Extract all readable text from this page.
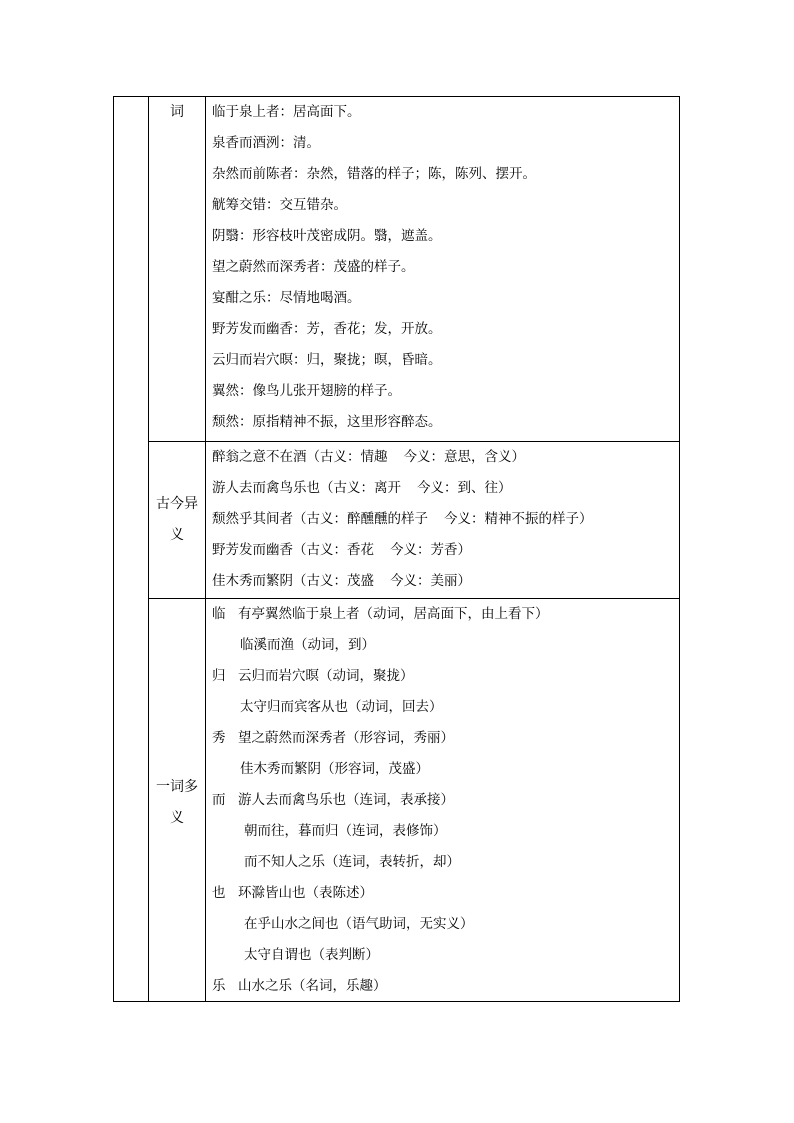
词	临于泉上者：居高面下。
泉香而酒洌：清。
杂然而前陈者：杂然，错落的样子；陈，陈列、摆开。
觥筹交错：交互错杂。
阴翳：形容枝叶茂密成阴。翳，遮盖。
望之蔚然而深秀者：茂盛的样子。
宴酣之乐：尽情地喝酒。
野芳发而幽香：芳，香花；发，开放。
云归而岩穴暝：归，聚拢；暝，昏暗。
翼然：像鸟儿张开翅膀的样子。
颓然：原指精神不振，这里形容醉态。
古今异
义
醉翁之意不在酒（古义：情趣 今义：意思，含义）
游人去而禽鸟乐也（古义：离开 今义：到、往）
颓然乎其间者（古义：醉醺醺的样子 今义：精神不振的样子）
野芳发而幽香（古义：香花 今义：芳香）
佳木秀而繁阴（古义：茂盛 今义：美丽）
一词多
义
临 有亭翼然临于泉上者（动词，居高面下，由上看下）
临溪而渔（动词，到）
归 云归而岩穴暝（动词，聚拢）
太守归而宾客从也（动词，回去）
秀 望之蔚然而深秀者（形容词，秀丽）
佳木秀而繁阴（形容词，茂盛）
而 游人去而禽鸟乐也（连词，表承接）
朝而往，暮而归（连词，表修饰）
而不知人之乐（连词，表转折，却）
也 环滁皆山也（表陈述）
在乎山水之间也（语气助词，无实义）
太守自谓也（表判断）
乐 山水之乐（名词，乐趣）
